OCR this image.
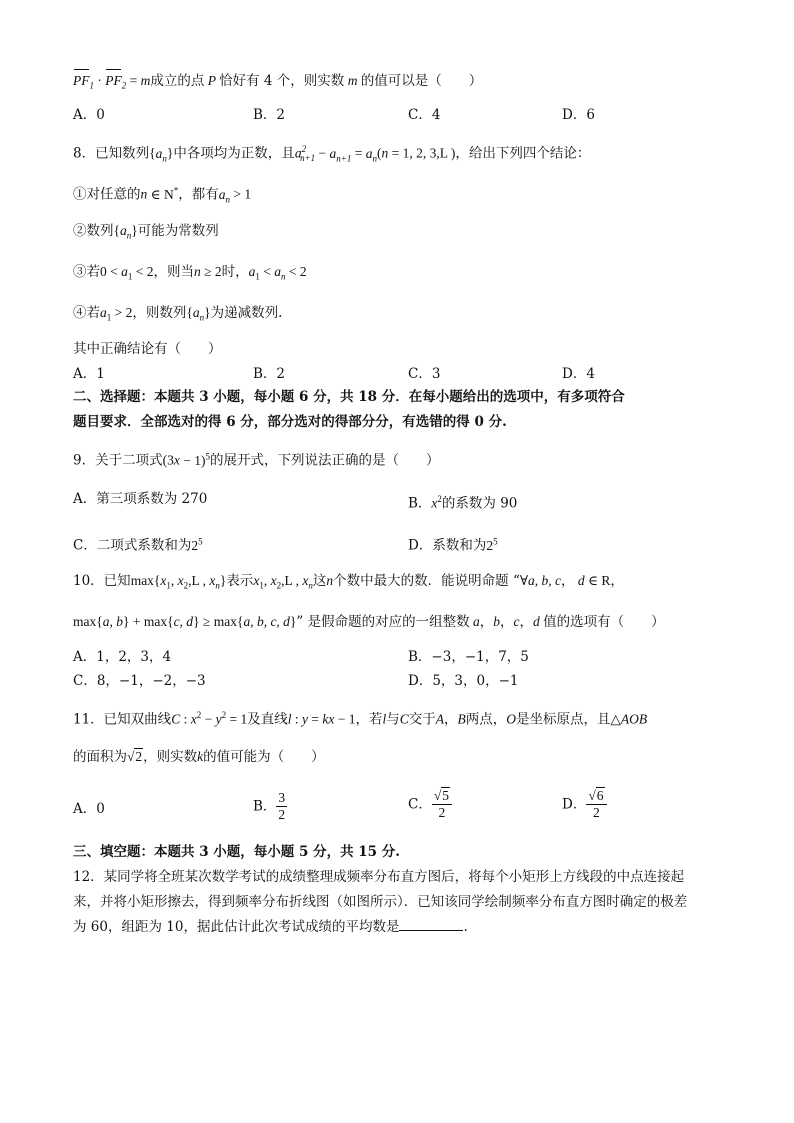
$PF_1 \cdot PF_2 = m$成立的点 P 恰好有 4 个，则实数 m 的值可以是（　　）
A．0	B．2	C．4	D．6
8．已知数列$\{a_n\}$中各项均为正数，且$a^2_{n+1} - a_{n+1} = a_n(n = 1$, 2, 3,L )，给出下列四个结论：
①对任意的n ∈ N*，都有$a_n > 1$
②数列$\{a_n\}$可能为常数列
③若$0 < a_1 < 2$，则当n ≥ 2时，$a_1 < a_n < 2$
④若$a_1 > 2$，则数列$\{a_n\}$为递减数列.
其中正确结论有（　　）
A．1	B．2	C．3	D．4
二、选择题：本题共 3 小题，每小题 6 分，共 18 分．在每小题给出的选项中，有多项符合
题目要求．全部选对的得 6 分，部分选对的得部分分，有选错的得 0 分.
9．关于二项式$(3x - 1)^5$的展开式，下列说法正确的是（　　）
A．第三项系数为 270	B．$x^2$的系数为 90
C．二项式系数和为$2^5$	D．系数和为$2^5$
10．已知$\max\{x_1$, $x_2,L$ , $x_n$}表示$x_1$, $x_2,L$ , $x_n$这n个数中最大的数．能说明命题 “∀a, b, c， d ∈ R，
max{a, b} + max{c, d} ≥ max{a, b, c, d}” 是假命题的对应的一组整数 a，b，c，d 值的选项有（　　）
A．1，2，3，4	B．−3，−1，7，5
C．8，−1，−2，−3	D．5，3，0，−1
11．已知双曲线C : $x^2 - y^2 = 1$及直线l : y = kx − 1，若l与C交于A，B两点，O是坐标原点，且△AOB
的面积为√2，则实数k的值可能为（　　）
A．0	B． $\frac{3}{2}$	C． $\frac{√5}{2}$	D． $\frac{√6}{2}$
三、填空题：本题共 3 小题，每小题 5 分，共 15 分.
12．某同学将全班某次数学考试的成绩整理成频率分布直方图后，将每个小矩形上方线段的中点连接起
来，并将小矩形擦去，得到频率分布折线图（如图所示）．已知该同学绘制频率分布直方图时确定的极差
为 60，组距为 10，据此估计此次考试成绩的平均数是	.
